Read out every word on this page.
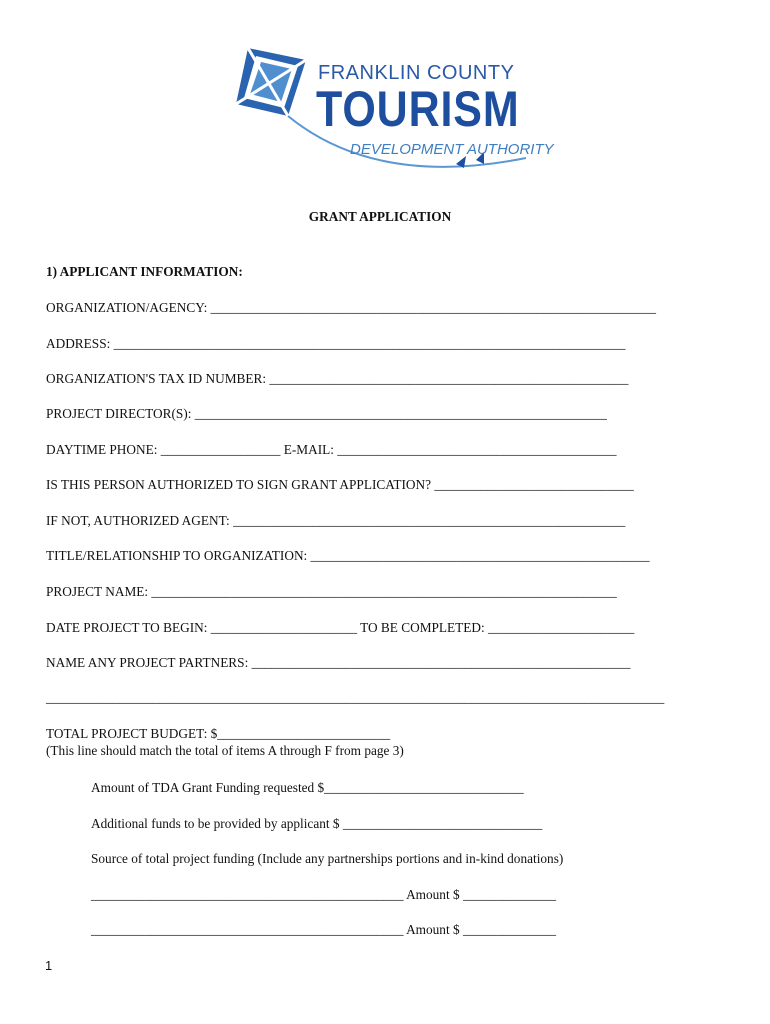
FRANKLIN COUNTY
TOURISM
DEVELOPMENT AUTHORITY
GRANT APPLICATION
1) APPLICANT INFORMATION:
ORGANIZATION/AGENCY: ___________________________________________________________________
ADDRESS: _____________________________________________________________________________
ORGANIZATION'S TAX ID NUMBER: ______________________________________________________
PROJECT DIRECTOR(S): ______________________________________________________________
DAYTIME PHONE: __________________ E-MAIL: __________________________________________
IS THIS PERSON AUTHORIZED TO SIGN GRANT APPLICATION? ______________________________
IF NOT, AUTHORIZED AGENT: ___________________________________________________________
TITLE/RELATIONSHIP TO ORGANIZATION: ___________________________________________________
PROJECT NAME: ______________________________________________________________________
DATE PROJECT TO BEGIN: ______________________ TO BE COMPLETED: ______________________
NAME ANY PROJECT PARTNERS: _________________________________________________________
_____________________________________________________________________________________________
TOTAL PROJECT BUDGET: $__________________________
(This line should match the total of items A through F from page 3)
Amount of TDA Grant Funding requested $______________________________
Additional funds to be provided by applicant $ ______________________________
Source of total project funding (Include any partnerships portions and in-kind donations)
_______________________________________________ Amount $ ______________
_______________________________________________ Amount $ ______________
1
